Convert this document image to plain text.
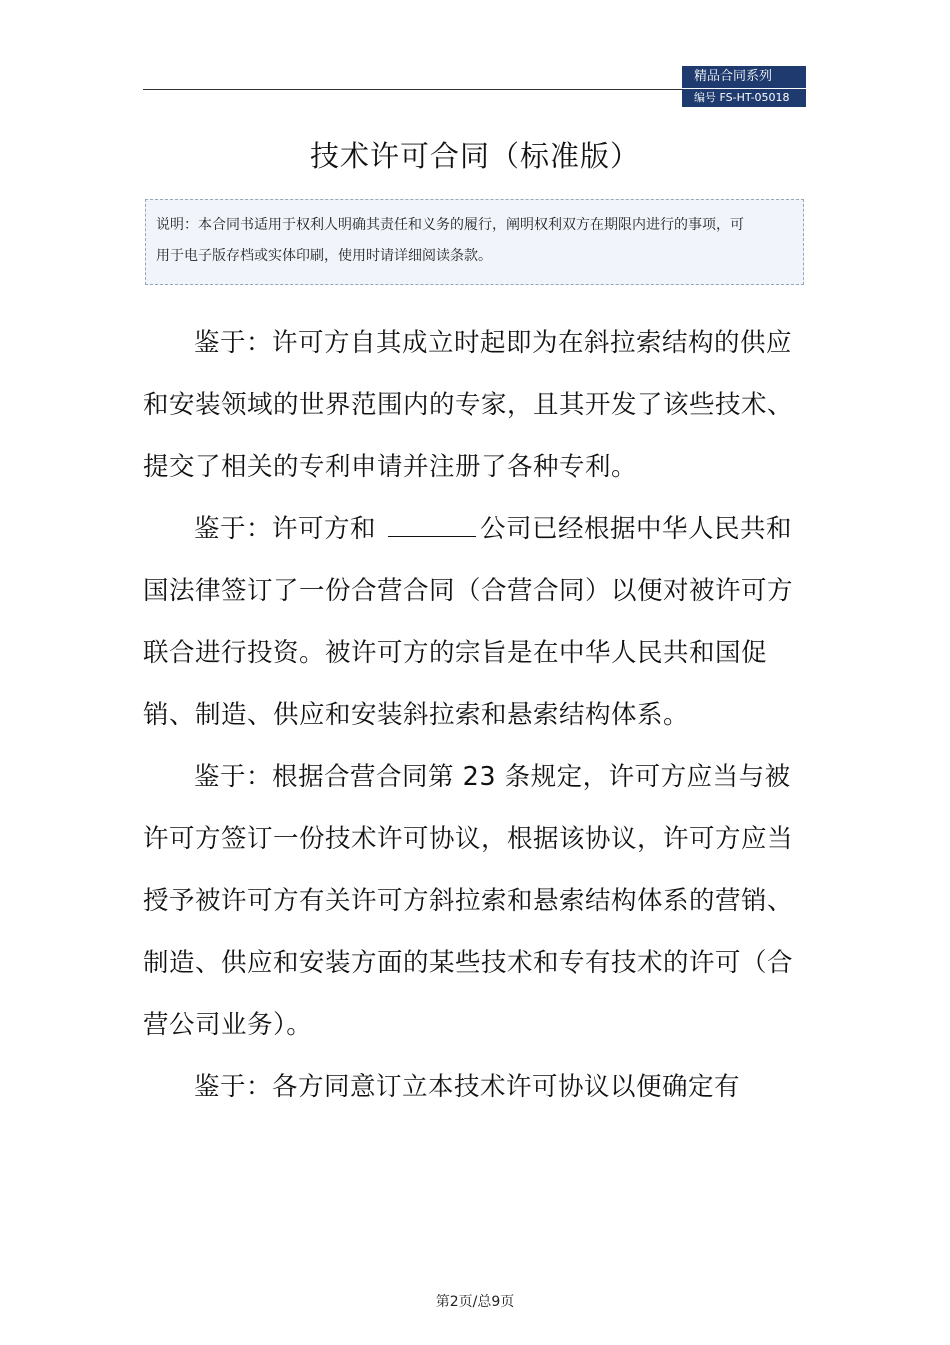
精品合同系列
编号 FS-HT-05018
技术许可合同（标准版）
说明：本合同书适用于权利人明确其责任和义务的履行，阐明权利双方在期限内进行的事项，可用于电子版存档或实体印刷，使用时请详细阅读条款。

鉴于：许可方自其成立时起即为在斜拉索结构的供应和安装领域的世界范围内的专家，且其开发了该些技术、提交了相关的专利申请并注册了各种专利。

鉴于：许可方和	公司已经根据中华人民共和国法律签订了一份合营合同（合营合同）以便对被许可方联合进行投资。被许可方的宗旨是在中华人民共和国促销、制造、供应和安装斜拉索和悬索结构体系。

鉴于：根据合营合同第 23 条规定，许可方应当与被许可方签订一份技术许可协议，根据该协议，许可方应当授予被许可方有关许可方斜拉索和悬索结构体系的营销、制造、供应和安装方面的某些技术和专有技术的许可（合营公司业务）。

鉴于：各方同意订立本技术许可协议以便确定有

第2页/总9页
